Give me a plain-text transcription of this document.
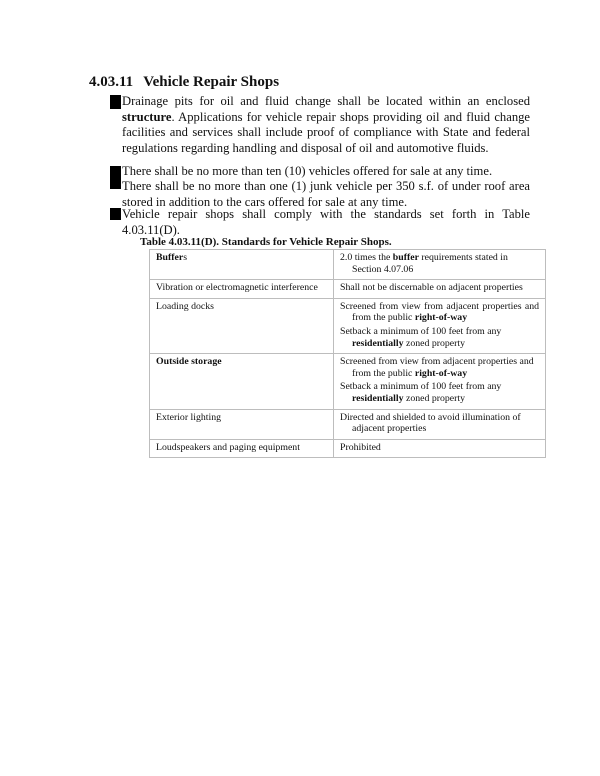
4.03.11 Vehicle Repair Shops
Drainage pits for oil and fluid change shall be located within an enclosed structure. Applications for vehicle repair shops providing oil and fluid change facilities and services shall include proof of compliance with State and federal regulations regarding handling and disposal of oil and automotive fluids.
There shall be no more than ten (10) vehicles offered for sale at any time.
There shall be no more than one (1) junk vehicle per 350 s.f. of under roof area stored in addition to the cars offered for sale at any time.
Vehicle repair shops shall comply with the standards set forth in Table 4.03.11(D).
Table 4.03.11(D). Standards for Vehicle Repair Shops.
Buffers	2.0 times the buffer requirements stated in Section 4.07.06

Vibration or electromagnetic interference	Shall not be discernable on adjacent properties

Loading docks	Screened from view from adjacent properties and from the public right-of-way
Setback a minimum of 100 feet from any residentially zoned property

Outside storage	Screened from view from adjacent properties and from the public right-of-way
Setback a minimum of 100 feet from any residentially zoned property

Exterior lighting	Directed and shielded to avoid illumination of adjacent properties

Loudspeakers and paging equipment	Prohibited
